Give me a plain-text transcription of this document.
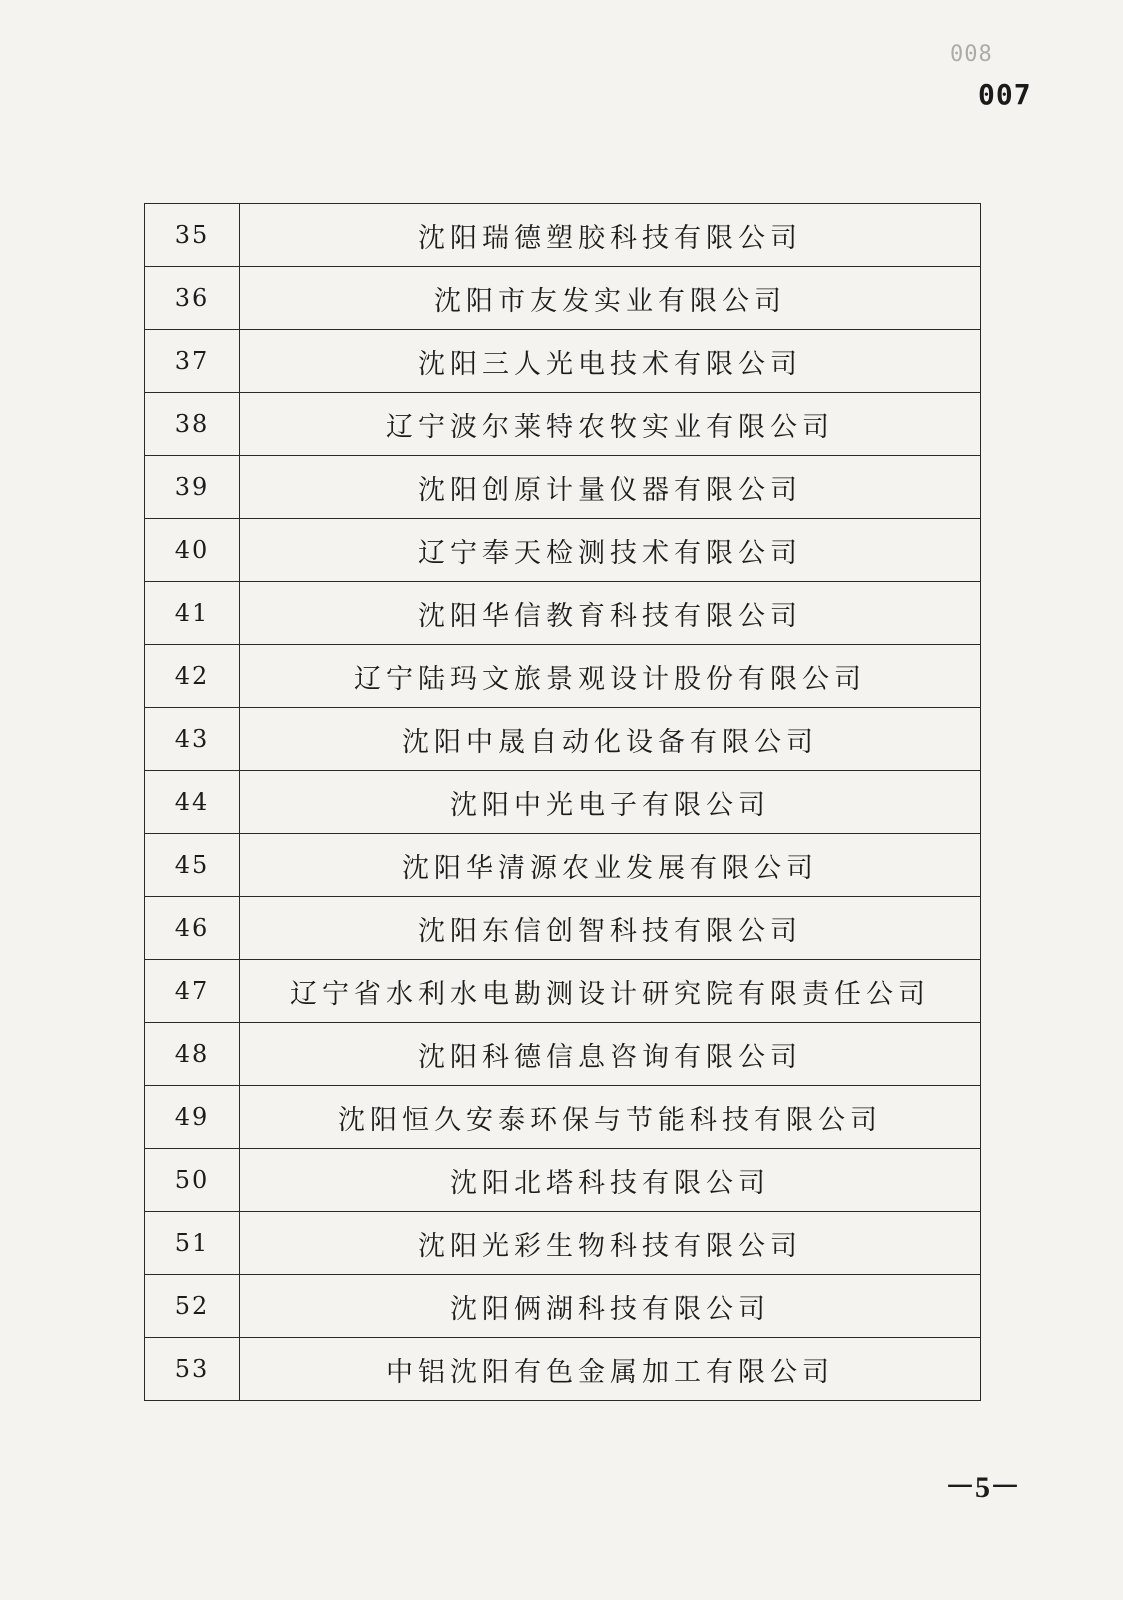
008
007
35	沈阳瑞德塑胶科技有限公司
36	沈阳市友发实业有限公司
37	沈阳三人光电技术有限公司
38	辽宁波尔莱特农牧实业有限公司
39	沈阳创原计量仪器有限公司
40	辽宁奉天检测技术有限公司
41	沈阳华信教育科技有限公司
42	辽宁陆玛文旅景观设计股份有限公司
43	沈阳中晟自动化设备有限公司
44	沈阳中光电子有限公司
45	沈阳华清源农业发展有限公司
46	沈阳东信创智科技有限公司
47	辽宁省水利水电勘测设计研究院有限责任公司
48	沈阳科德信息咨询有限公司
49	沈阳恒久安泰环保与节能科技有限公司
50	沈阳北塔科技有限公司
51	沈阳光彩生物科技有限公司
52	沈阳俩湖科技有限公司
53	中铝沈阳有色金属加工有限公司
－5－
